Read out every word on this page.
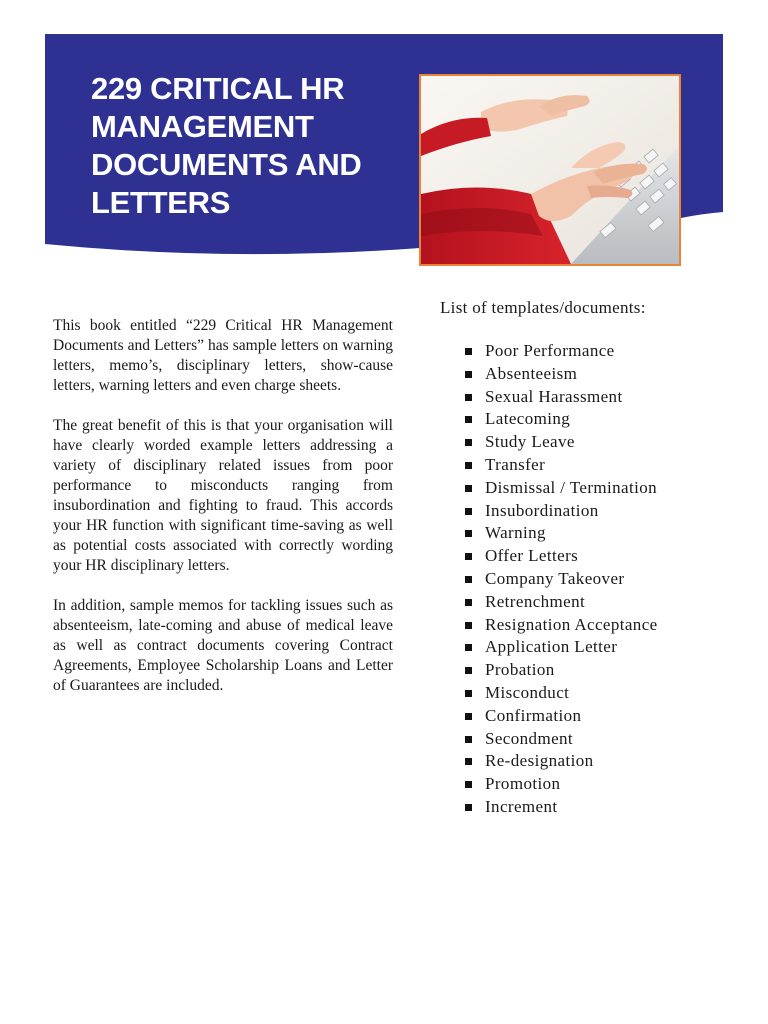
229 CRITICAL HR MANAGEMENT DOCUMENTS AND LETTERS

This book entitled “229 Critical HR Management Documents and Letters” has sample letters on warning letters, memo’s, disciplinary letters, show-cause letters, warning letters and even charge sheets.

The great benefit of this is that your organisation will have clearly worded example letters addressing a variety of disciplinary related issues from poor performance to misconducts ranging from insubordination and fighting to fraud. This accords your HR function with significant time-saving as well as potential costs associated with correctly wording your HR disciplinary letters.

In addition, sample memos for tackling issues such as absenteeism, late-coming and abuse of medical leave as well as contract documents covering Contract Agreements, Employee Scholarship Loans and Letter of Guarantees are included.

List of templates/documents:
Poor Performance
Absenteeism
Sexual Harassment
Latecoming
Study Leave
Transfer
Dismissal / Termination
Insubordination
Warning
Offer Letters
Company Takeover
Retrenchment
Resignation Acceptance
Application Letter
Probation
Misconduct
Confirmation
Secondment
Re-designation
Promotion
Increment
